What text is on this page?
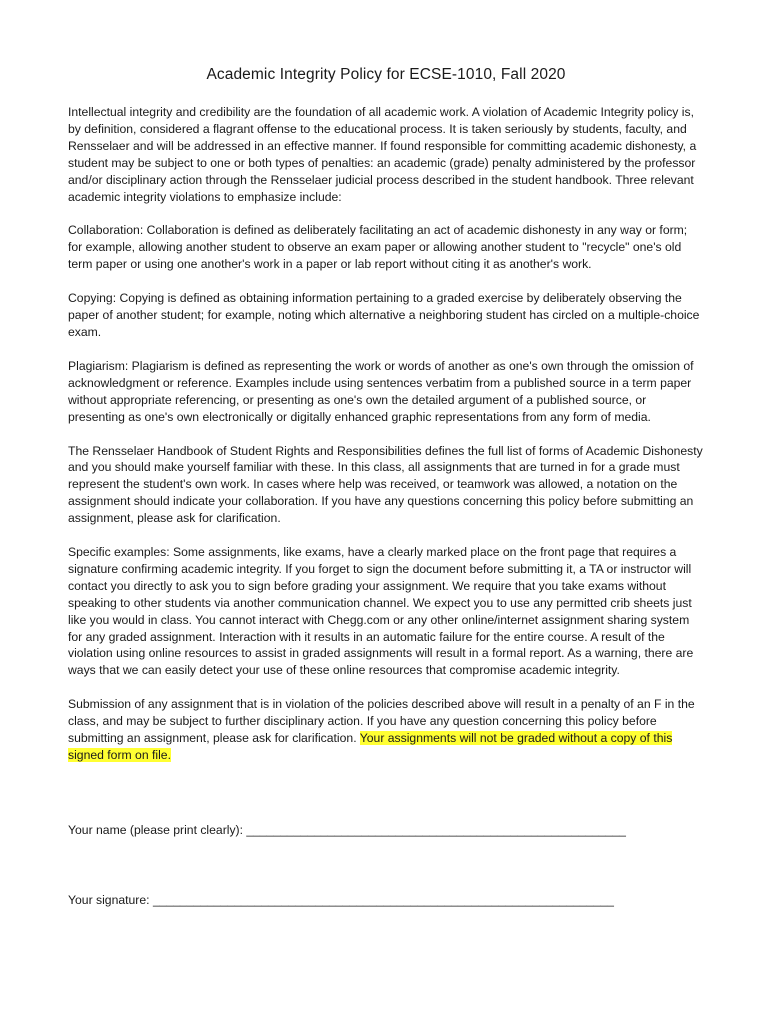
Academic Integrity Policy for ECSE-1010, Fall 2020

Intellectual integrity and credibility are the foundation of all academic work. A violation of Academic Integrity policy is, by definition, considered a flagrant offense to the educational process. It is taken seriously by students, faculty, and Rensselaer and will be addressed in an effective manner. If found responsible for committing academic dishonesty, a student may be subject to one or both types of penalties: an academic (grade) penalty administered by the professor and/or disciplinary action through the Rensselaer judicial process described in the student handbook. Three relevant academic integrity violations to emphasize include:

Collaboration: Collaboration is defined as deliberately facilitating an act of academic dishonesty in any way or form; for example, allowing another student to observe an exam paper or allowing another student to "recycle" one's old term paper or using one another's work in a paper or lab report without citing it as another's work.

Copying: Copying is defined as obtaining information pertaining to a graded exercise by deliberately observing the paper of another student; for example, noting which alternative a neighboring student has circled on a multiple-choice exam.

Plagiarism: Plagiarism is defined as representing the work or words of another as one's own through the omission of acknowledgment or reference. Examples include using sentences verbatim from a published source in a term paper without appropriate referencing, or presenting as one's own the detailed argument of a published source, or presenting as one's own electronically or digitally enhanced graphic representations from any form of media.

The Rensselaer Handbook of Student Rights and Responsibilities defines the full list of forms of Academic Dishonesty and you should make yourself familiar with these. In this class, all assignments that are turned in for a grade must represent the student's own work. In cases where help was received, or teamwork was allowed, a notation on the assignment should indicate your collaboration. If you have any questions concerning this policy before submitting an assignment, please ask for clarification.

Specific examples: Some assignments, like exams, have a clearly marked place on the front page that requires a signature confirming academic integrity. If you forget to sign the document before submitting it, a TA or instructor will contact you directly to ask you to sign before grading your assignment. We require that you take exams without speaking to other students via another communication channel. We expect you to use any permitted crib sheets just like you would in class. You cannot interact with Chegg.com or any other online/internet assignment sharing system for any graded assignment. Interaction with it results in an automatic failure for the entire course. A result of the violation using online resources to assist in graded assignments will result in a formal report. As a warning, there are ways that we can easily detect your use of these online resources that compromise academic integrity.

Submission of any assignment that is in violation of the policies described above will result in a penalty of an F in the class, and may be subject to further disciplinary action. If you have any question concerning this policy before submitting an assignment, please ask for clarification. Your assignments will not be graded without a copy of this signed form on file.

Your name (please print clearly): ________________________________________________________
Your signature: ____________________________________________________________________
